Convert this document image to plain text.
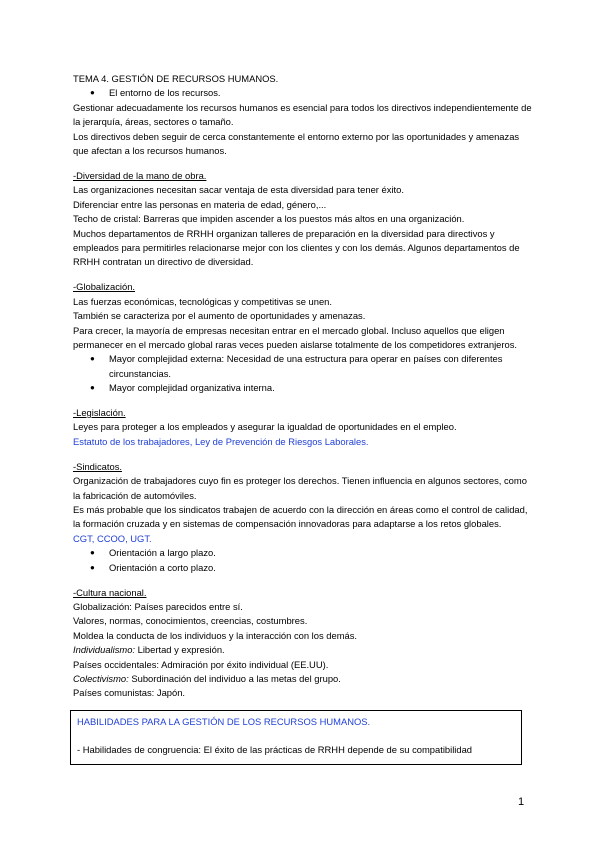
TEMA 4. GESTIÓN DE RECURSOS HUMANOS.
●	El entorno de los recursos.
Gestionar adecuadamente los recursos humanos es esencial para todos los directivos independientemente de la jerarquía, áreas, sectores o tamaño.
Los directivos deben seguir de cerca constantemente el entorno externo por las oportunidades y amenazas que afectan a los recursos humanos.
-Diversidad de la mano de obra.
Las organizaciones necesitan sacar ventaja de esta diversidad para tener éxito.
Diferenciar entre las personas en materia de edad, género,...
Techo de cristal: Barreras que impiden ascender a los puestos más altos en una organización.
Muchos departamentos de RRHH organizan talleres de preparación en la diversidad para directivos y empleados para permitirles relacionarse mejor con los clientes y con los demás. Algunos departamentos de RRHH contratan un directivo de diversidad.
-Globalización.
Las fuerzas económicas, tecnológicas y competitivas se unen.
También se caracteriza por el aumento de oportunidades y amenazas.
Para crecer, la mayoría de empresas necesitan entrar en el mercado global. Incluso aquellos que eligen permanecer en el mercado global raras veces pueden aislarse totalmente de los competidores extranjeros.
●	Mayor complejidad externa: Necesidad de una estructura para operar en países con diferentes circunstancias.
●	Mayor complejidad organizativa interna.
-Legislación.
Leyes para proteger a los empleados y asegurar la igualdad de oportunidades en el empleo.
Estatuto de los trabajadores, Ley de Prevención de Riesgos Laborales.
-Sindicatos.
Organización de trabajadores cuyo fin es proteger los derechos. Tienen influencia en algunos sectores, como la fabricación de automóviles.
Es más probable que los sindicatos trabajen de acuerdo con la dirección en áreas como el control de calidad, la formación cruzada y en sistemas de compensación innovadoras para adaptarse a los retos globales.
CGT, CCOO, UGT.
●	Orientación a largo plazo.
●	Orientación a corto plazo.
-Cultura nacional.
Globalización: Países parecidos entre sí.
Valores, normas, conocimientos, creencias, costumbres.
Moldea la conducta de los individuos y la interacción con los demás.
Individualismo: Libertad y expresión.
Países occidentales: Admiración por éxito individual (EE.UU).
Colectivismo: Subordinación del individuo a las metas del grupo.
Países comunistas: Japón.
HABILIDADES PARA LA GESTIÓN DE LOS RECURSOS HUMANOS.
- Habilidades de congruencia: El éxito de las prácticas de RRHH depende de su compatibilidad
1
